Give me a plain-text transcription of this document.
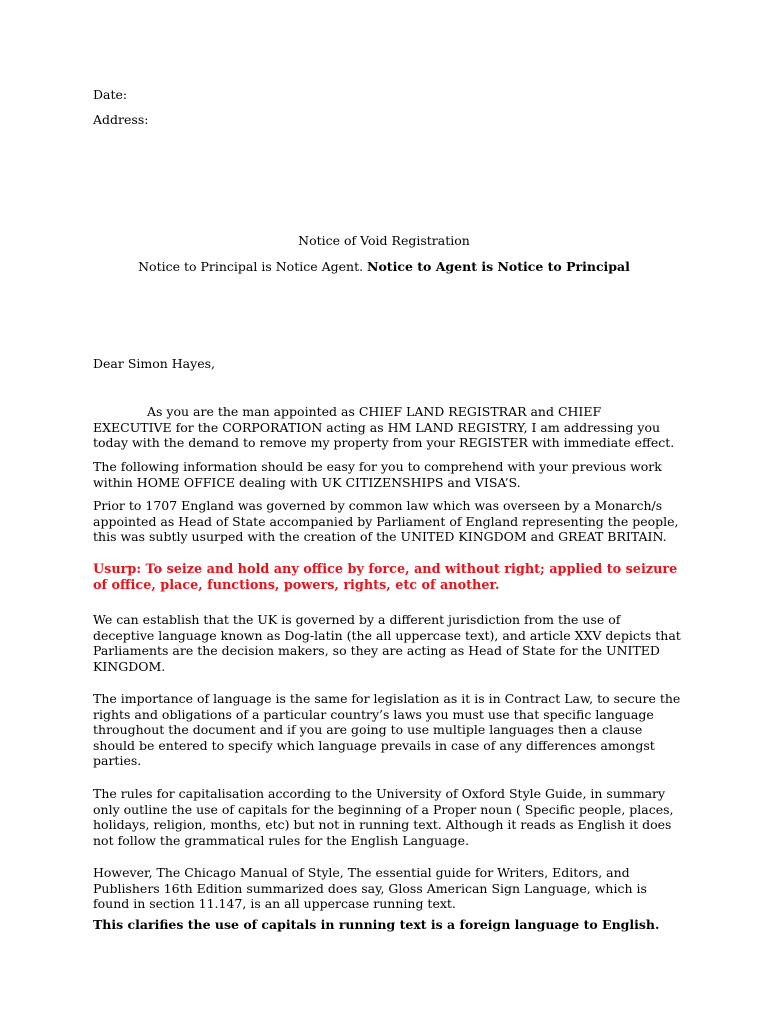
Date:
Address:
Notice of Void Registration
Notice to Principal is Notice Agent. Notice to Agent is Notice to Principal
Dear Simon Hayes,

As you are the man appointed as CHIEF LAND REGISTRAR and CHIEF EXECUTIVE for the CORPORATION acting as HM LAND REGISTRY, I am addressing you today with the demand to remove my property from your REGISTER with immediate effect.

The following information should be easy for you to comprehend with your previous work within HOME OFFICE dealing with UK CITIZENSHIPS and VISA’S.

Prior to 1707 England was governed by common law which was overseen by a Monarch/s appointed as Head of State accompanied by Parliament of England representing the people, this was subtly usurped with the creation of the UNITED KINGDOM and GREAT BRITAIN.

Usurp: To seize and hold any office by force, and without right; applied to seizure of office, place, functions, powers, rights, etc of another.

We can establish that the UK is governed by a different jurisdiction from the use of deceptive language known as Dog-latin (the all uppercase text), and article XXV depicts that Parliaments are the decision makers, so they are acting as Head of State for the UNITED KINGDOM.

The importance of language is the same for legislation as it is in Contract Law, to secure the rights and obligations of a particular country’s laws you must use that specific language throughout the document and if you are going to use multiple languages then a clause should be entered to specify which language prevails in case of any differences amongst parties.

The rules for capitalisation according to the University of Oxford Style Guide, in summary only outline the use of capitals for the beginning of a Proper noun ( Specific people, places, holidays, religion, months, etc) but not in running text. Although it reads as English it does not follow the grammatical rules for the English Language.

However, The Chicago Manual of Style, The essential guide for Writers, Editors, and Publishers 16th Edition summarized does say, Gloss American Sign Language, which is found in section 11.147, is an all uppercase running text.

This clarifies the use of capitals in running text is a foreign language to English.
